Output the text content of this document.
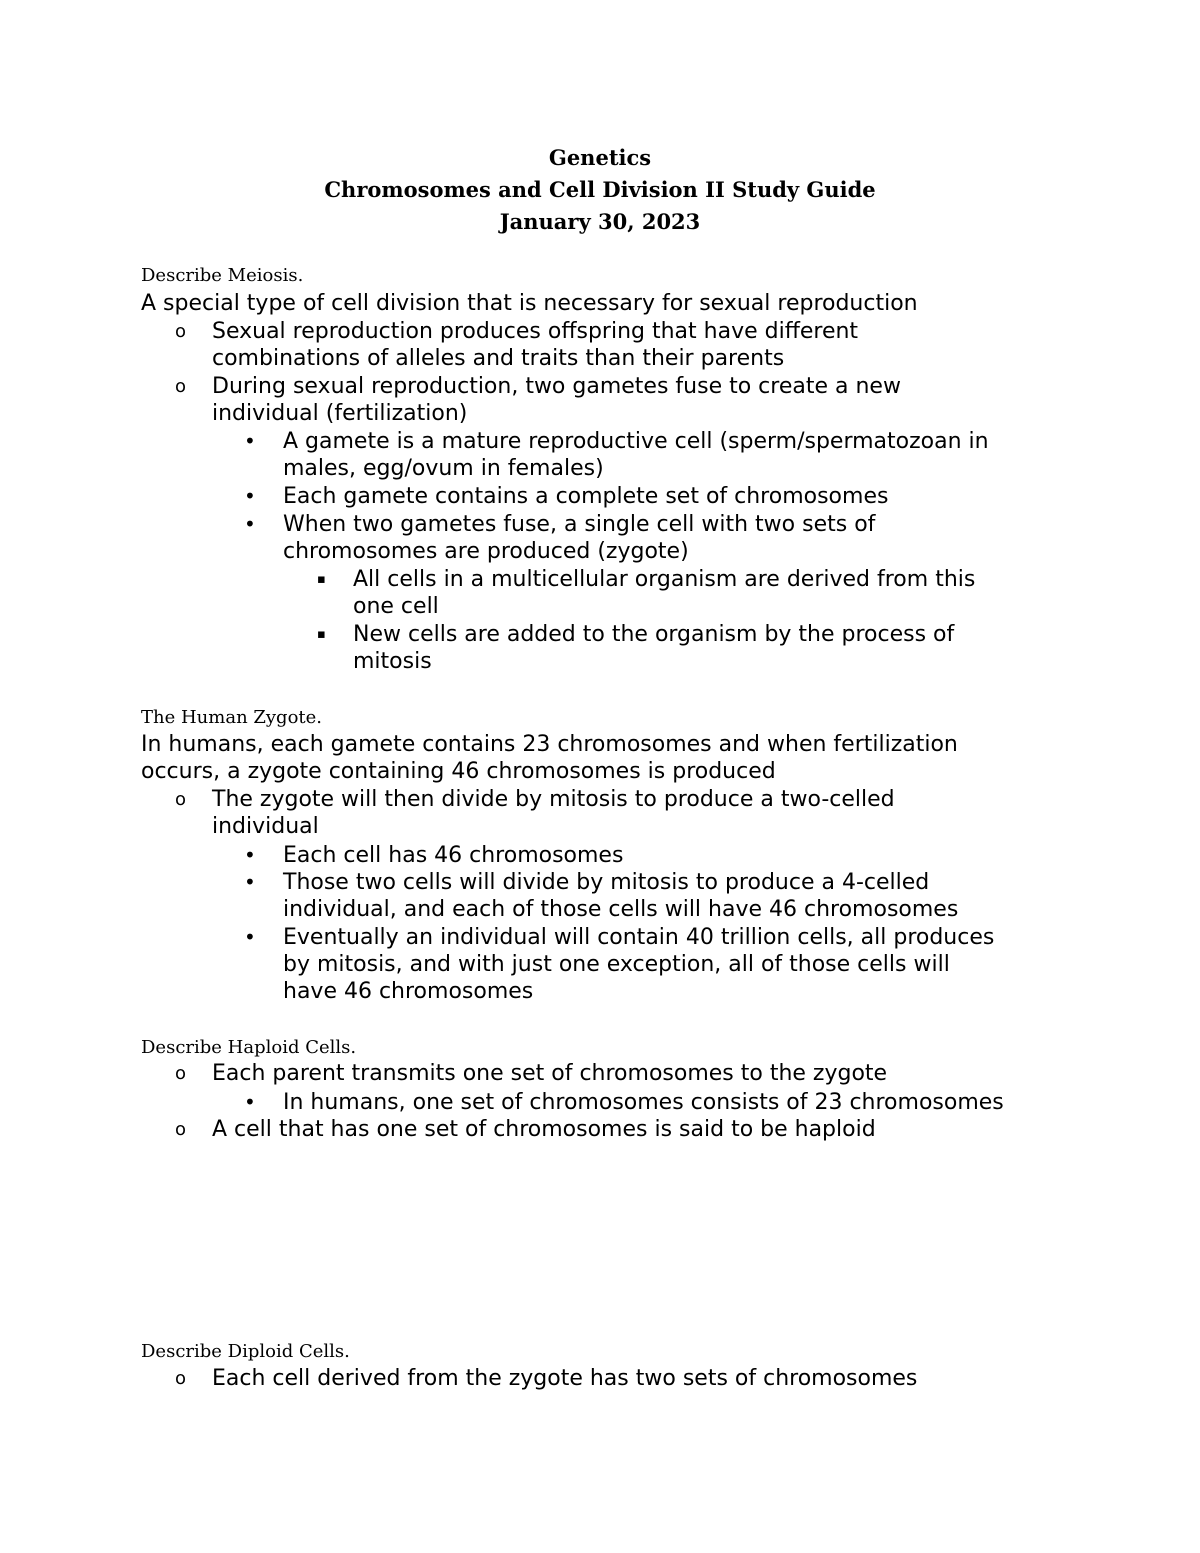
Genetics
Chromosomes and Cell Division II Study Guide
January 30, 2023
Describe Meiosis.
A special type of cell division that is necessary for sexual reproduction
o Sexual reproduction produces offspring that have different
combinations of alleles and traits than their parents
o During sexual reproduction, two gametes fuse to create a new
individual (fertilization)
• A gamete is a mature reproductive cell (sperm/spermatozoan in
males, egg/ovum in females)
• Each gamete contains a complete set of chromosomes
• When two gametes fuse, a single cell with two sets of
chromosomes are produced (zygote)
▪ All cells in a multicellular organism are derived from this
one cell
▪ New cells are added to the organism by the process of
mitosis
The Human Zygote.
In humans, each gamete contains 23 chromosomes and when fertilization
occurs, a zygote containing 46 chromosomes is produced
o The zygote will then divide by mitosis to produce a two-celled
individual
• Each cell has 46 chromosomes
• Those two cells will divide by mitosis to produce a 4-celled
individual, and each of those cells will have 46 chromosomes
• Eventually an individual will contain 40 trillion cells, all produces
by mitosis, and with just one exception, all of those cells will
have 46 chromosomes
Describe Haploid Cells.
o Each parent transmits one set of chromosomes to the zygote
• In humans, one set of chromosomes consists of 23 chromosomes
o A cell that has one set of chromosomes is said to be haploid
Describe Diploid Cells.
o Each cell derived from the zygote has two sets of chromosomes
